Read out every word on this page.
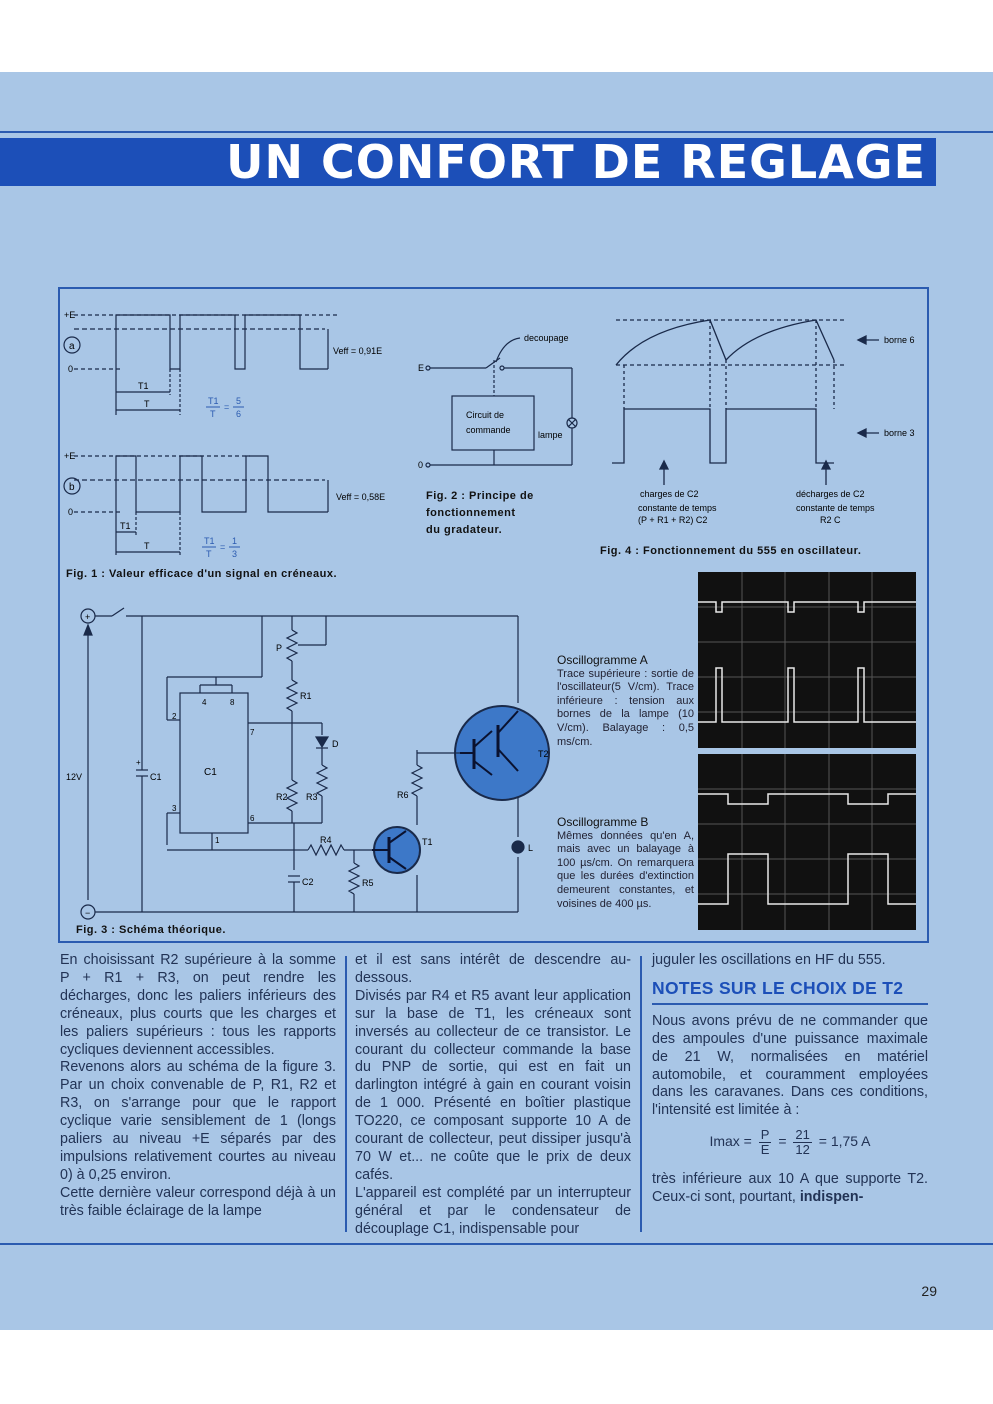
UN CONFORT DE REGLAGE
+E
0
a	Veff = 0,91E
T1
T	T1
T
=
5
6
+E
0
b
Veff = 0,58E
T1
T	T1
T
=
1
3
Fig. 1 : Valeur efficace d'un signal en créneaux.
decoupage
E
0
Circuit de
commande	lampe
Fig. 2 : Principe de
fonctionnement
du gradateur.
borne 6
borne 3
charges de C2
constante de temps
(P + R1 + R2) C2
décharges de C2
constante de temps
R2 C
Fig. 4 : Fonctionnement du 555 en oscillateur.
12V	C1
+
C1
P
R1
R2 R3
R4
R5
R6
D
C2
T1
T2
L
2
3
4	8
7
6
1
+
−
Fig. 3 : Schéma théorique.
Oscillogramme A
Trace supérieure : sortie de l'oscillateur(5 V/cm). Trace inférieure : tension aux bornes de la lampe (10 V/cm). Balayage : 0,5 ms/cm.
Oscillogramme B
Mêmes données qu'en A, mais avec un balayage à 100 µs/cm. On remarquera que les durées d'extinction demeurent constantes, et voisines de 400 µs.

En choisissant R2 supérieure à la somme P + R1 + R3, on peut rendre les décharges, donc les paliers inférieurs des créneaux, plus courts que les charges et les paliers supérieurs : tous les rapports cycliques deviennent accessibles.

Revenons alors au schéma de la figure 3. Par un choix convenable de P, R1, R2 et R3, on s'arrange pour que le rapport cyclique varie sensiblement de 1 (longs paliers au niveau +E séparés par des impulsions relativement courtes au niveau 0) à 0,25 environ.

Cette dernière valeur correspond déjà à un très faible éclairage de la lampe

et il est sans intérêt de descendre au-dessous.

Divisés par R4 et R5 avant leur application sur la base de T1, les créneaux sont inversés au collecteur de ce transistor. Le courant du collecteur commande la base du PNP de sortie, qui est en fait un darlington intégré à gain en courant voisin de 1 000. Présenté en boîtier plastique TO220, ce composant supporte 10 A de courant de collecteur, peut dissiper jusqu'à 70 W et... ne coûte que le prix de deux cafés.

L'appareil est complété par un interrupteur général et par le condensateur de découplage C1, indispensable pour

juguler les oscillations en HF du 555.

NOTES SUR LE CHOIX DE T2

Nous avons prévu de ne commander que des ampoules d'une puissance maximale de 21 W, normalisées en matériel automobile, et couramment employées dans les caravanes. Dans ces conditions, l'intensité est limitée à :

$Imax = \frac{P}{E} = \frac{21}{12} = 1,75$ A

très inférieure aux 10 A que supporte T2. Ceux-ci sont, pourtant, indispen-

29
